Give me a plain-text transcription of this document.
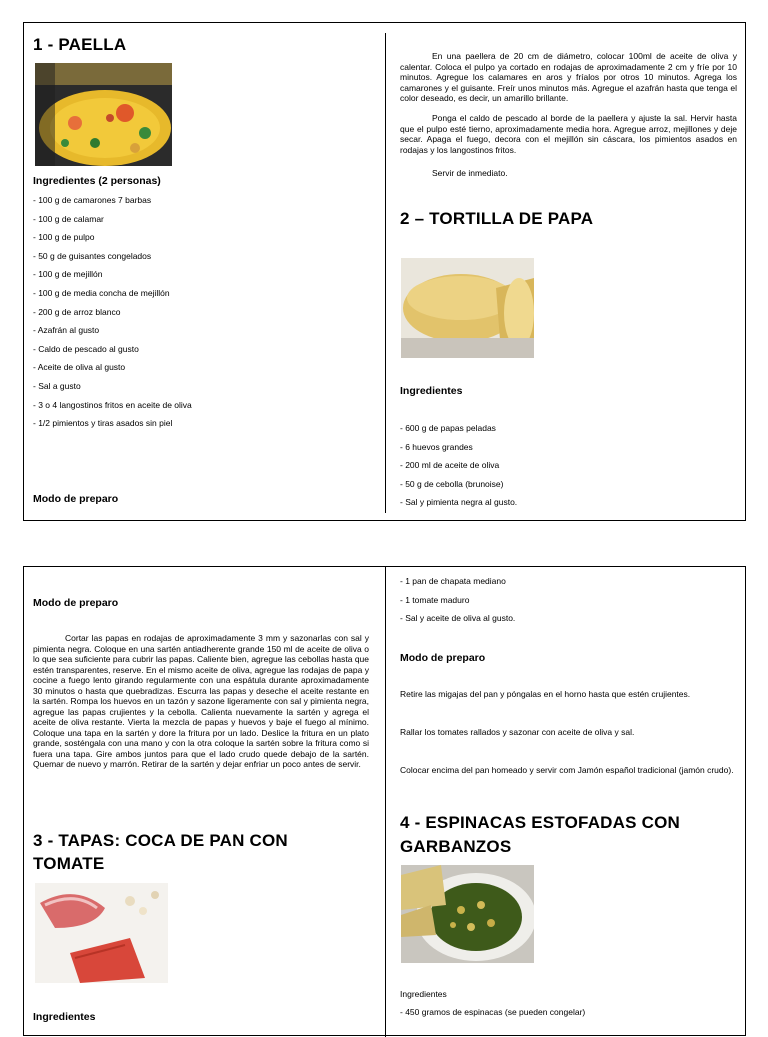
1 - PAELLA
Ingredientes (2 personas)
- 100 g de camarones 7 barbas
- 100 g de calamar
- 100 g de pulpo
- 50 g de guisantes congelados
- 100 g de mejillón
- 100 g de media concha de mejillón
- 200 g de arroz blanco
- Azafrán al gusto
- Caldo de pescado al gusto
- Aceite de oliva al gusto
- Sal a gusto
- 3 o 4 langostinos fritos en aceite de oliva
- 1/2 pimientos y tiras asados sin piel
Modo de preparo

En una paellera de 20 cm de diámetro, colocar 100ml de aceite de oliva y calentar. Coloca el pulpo ya cortado en rodajas de aproximadamente 2 cm y fríe por 10 minutos. Agregue los calamares en aros y fríalos por otros 10 minutos. Agrega los camarones y el guisante. Freír unos minutos más. Agregue el azafrán hasta que tenga el color deseado, es decir, un amarillo brillante.

Ponga el caldo de pescado al borde de la paellera y ajuste la sal. Hervir hasta que el pulpo esté tierno, aproximadamente media hora. Agregue arroz, mejillones y deje secar. Apaga el fuego, decora con el mejillón sin cáscara, los pimientos asados en rodajas y los langostinos fritos.

Servir de inmediato.

2 – TORTILLA DE PAPA
Ingredientes
- 600 g de papas peladas
- 6 huevos grandes
- 200 ml de aceite de oliva
- 50 g de cebolla (brunoise)
- Sal y pimienta negra al gusto.
Modo de preparo

Cortar las papas en rodajas de aproximadamente 3 mm y sazonarlas con sal y pimienta negra. Coloque en una sartén antiadherente grande 150 ml de aceite de oliva o lo que sea suficiente para cubrir las papas. Caliente bien, agregue las cebollas hasta que estén transparentes, reserve. En el mismo aceite de oliva, agregue las rodajas de papa y cocine a fuego lento girando regularmente con una espátula durante aproximadamente 30 minutos o hasta que quebradizas. Escurra las papas y deseche el aceite restante en la sartén. Rompa los huevos en un tazón y sazone ligeramente con sal y pimienta negra, agregue las papas crujientes y la cebolla. Calienta nuevamente la sartén y agrega el aceite de oliva restante. Vierta la mezcla de papas y huevos y baje el fuego al mínimo. Coloque una tapa en la sartén y dore la fritura por un lado. Deslice la fritura en un plato grande, sosténgala con una mano y con la otra coloque la sartén sobre la fritura como si fuera una tapa. Gire ambos juntos para que el lado crudo quede debajo de la sartén. Quemar de nuevo y marrón. Retirar de la sartén y dejar enfriar un poco antes de servir.

3 - TAPAS: COCA DE PAN CON
TOMATE
Ingredientes
- 1 pan de chapata mediano
- 1 tomate maduro
- Sal y aceite de oliva al gusto.
Modo de preparo
Retire las migajas del pan y póngalas en el horno hasta que estén crujientes.
Rallar los tomates rallados y sazonar con aceite de oliva y sal.
Colocar encima del pan homeado y servir com Jamón español tradicional (jamón crudo).
4 - ESPINACAS ESTOFADAS CON
GARBANZOS
Ingredientes
- 450 gramos de espinacas (se pueden congelar)
